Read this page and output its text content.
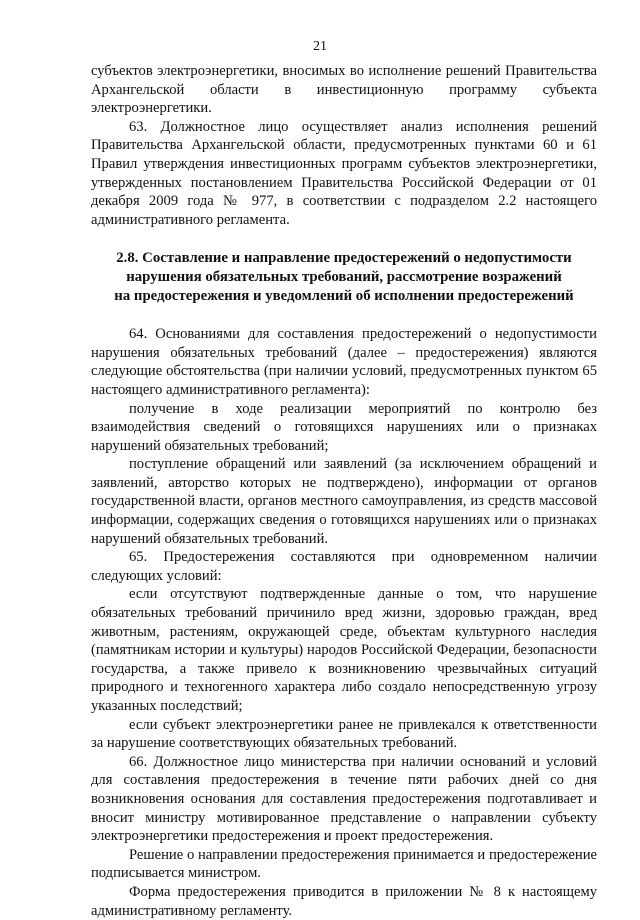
21

субъектов электроэнергетики, вносимых во исполнение решений Правительства Архангельской области в инвестиционную программу субъекта электроэнергетики.

63. Должностное лицо осуществляет анализ исполнения решений Правительства Архангельской области, предусмотренных пунктами 60 и 61 Правил утверждения инвестиционных программ субъектов электроэнергетики, утвержденных постановлением Правительства Российской Федерации от 01 декабря 2009 года № 977, в соответствии с подразделом 2.2 настоящего административного регламента.

2.8. Составление и направление предостережений о недопустимости
нарушения обязательных требований, рассмотрение возражений
на предостережения и уведомлений об исполнении предостережений

64. Основаниями для составления предостережений о недопустимости нарушения обязательных требований (далее – предостережения) являются следующие обстоятельства (при наличии условий, предусмотренных пунктом 65 настоящего административного регламента):

получение в ходе реализации мероприятий по контролю без взаимодействия сведений о готовящихся нарушениях или о признаках нарушений обязательных требований;

поступление обращений или заявлений (за исключением обращений и заявлений, авторство которых не подтверждено), информации от органов государственной власти, органов местного самоуправления, из средств массовой информации, содержащих сведения о готовящихся нарушениях или о признаках нарушений обязательных требований.

65. Предостережения составляются при одновременном наличии следующих условий:

если отсутствуют подтвержденные данные о том, что нарушение обязательных требований причинило вред жизни, здоровью граждан, вред животным, растениям, окружающей среде, объектам культурного наследия (памятникам истории и культуры) народов Российской Федерации, безопасности государства, а также привело к возникновению чрезвычайных ситуаций природного и техногенного характера либо создало непосредственную угрозу указанных последствий;

если субъект электроэнергетики ранее не привлекался к ответственности за нарушение соответствующих обязательных требований.

66. Должностное лицо министерства при наличии оснований и условий для составления предостережения в течение пяти рабочих дней со дня возникновения основания для составления предостережения подготавливает и вносит министру мотивированное представление о направлении субъекту электроэнергетики предостережения и проект предостережения.

Решение о направлении предостережения принимается и предостережение подписывается министром.

Форма предостережения приводится в приложении № 8 к настоящему административному регламенту.
